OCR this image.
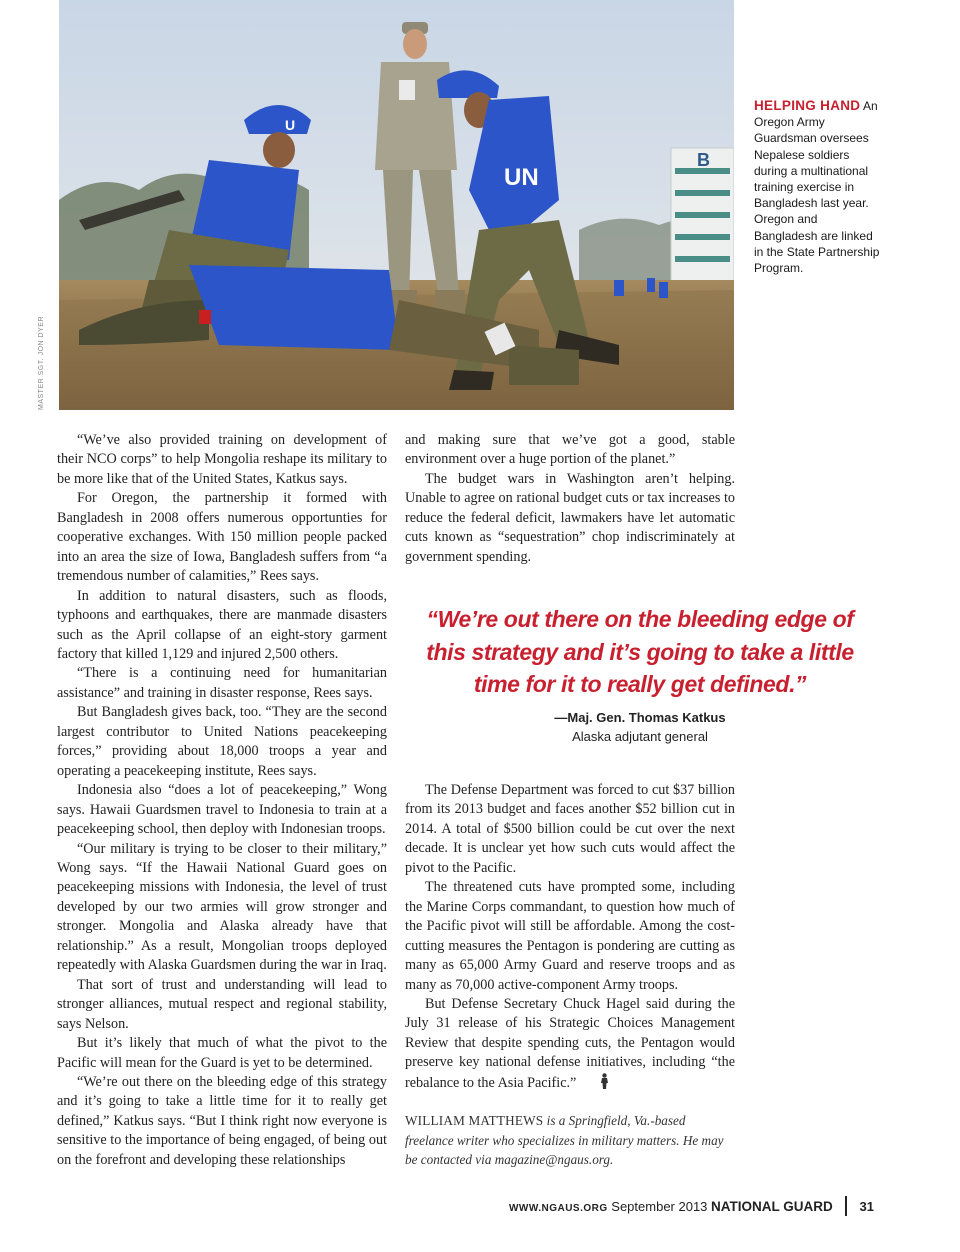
B
U
UN
MASTER SGT. JON DYER
HELPING HAND An Oregon Army Guardsman oversees Nepalese soldiers during a multinational training exercise in Bangladesh last year. Oregon and Bangladesh are linked in the State Partnership Program.

“We’ve also provided training on development of their NCO corps” to help Mongolia reshape its military to be more like that of the United States, Katkus says.

For Oregon, the partnership it formed with Bangladesh in 2008 offers numerous opportunties for cooperative exchanges. With 150 million people packed into an area the size of Iowa, Bangladesh suffers from “a tremendous number of calamities,” Rees says.

In addition to natural disasters, such as floods, typhoons and earthquakes, there are manmade disasters such as the April collapse of an eight-story garment factory that killed 1,129 and injured 2,500 others.

“There is a continuing need for humanitarian assistance” and training in disaster response, Rees says.

But Bangladesh gives back, too. “They are the second largest contributor to United Nations peacekeeping forces,” providing about 18,000 troops a year and operating a peacekeeping institute, Rees says.

Indonesia also “does a lot of peacekeeping,” Wong says. Hawaii Guardsmen travel to Indonesia to train at a peacekeeping school, then deploy with Indonesian troops.

“Our military is trying to be closer to their military,” Wong says. “If the Hawaii National Guard goes on peacekeeping missions with Indonesia, the level of trust developed by our two armies will grow stronger and stronger. Mongolia and Alaska already have that relationship.” As a result, Mongolian troops deployed repeatedly with Alaska Guardsmen during the war in Iraq.

That sort of trust and understanding will lead to stronger alliances, mutual respect and regional stability, says Nelson.

But it’s likely that much of what the pivot to the Pacific will mean for the Guard is yet to be determined.

“We’re out there on the bleeding edge of this strategy and it’s going to take a little time for it to really get defined,” Katkus says. “But I think right now everyone is sensitive to the importance of being engaged, of being out on the forefront and developing these relationships

and making sure that we’ve got a good, stable environment over a huge portion of the planet.”

The budget wars in Washington aren’t helping. Unable to agree on rational budget cuts or tax increases to reduce the federal deficit, lawmakers have let automatic cuts known as “sequestration” chop indiscriminately at government spending.

“We’re out there on the bleeding edge of this strategy and it’s going to take a little time for it to really get defined.”
—Maj. Gen. Thomas Katkus
Alaska adjutant general

The Defense Department was forced to cut $37 billion from its 2013 budget and faces another $52 billion cut in 2014. A total of $500 billion could be cut over the next decade. It is unclear yet how such cuts would affect the pivot to the Pacific.

The threatened cuts have prompted some, including the Marine Corps commandant, to question how much of the Pacific pivot will still be affordable. Among the cost-cutting measures the Pentagon is pondering are cutting as many as 65,000 Army Guard and reserve troops and as many as 70,000 active-component Army troops.

But Defense Secretary Chuck Hagel said during the July 31 release of his Strategic Choices Management Review that despite spending cuts, the Pentagon would preserve key national defense initiatives, including “the rebalance to the Asia Pacific.”

WILLIAM MATTHEWS is a Springfield, Va.-based freelance writer who specializes in military matters. He may be contacted via magazine@ngaus.org.
WWW.NGAUS.ORG September 2013 NATIONAL GUARD 31
